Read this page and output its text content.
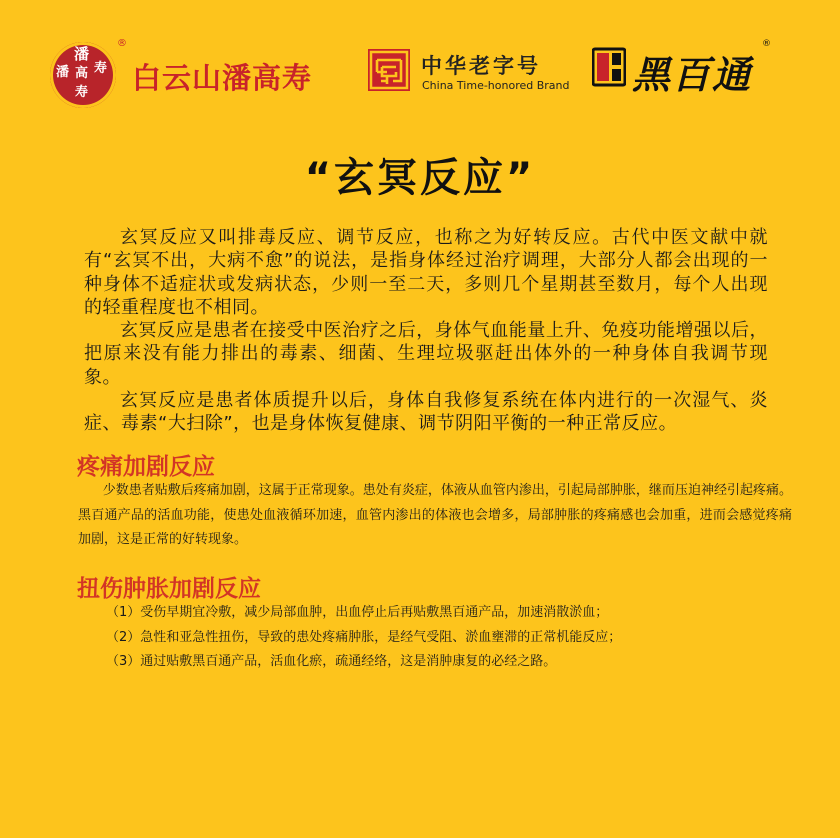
潘
高 寿
潘
寿
®
白云山潘高寿	中华老字号
China Time-honored Brand 黑百通
®
“玄冥反应”

玄冥反应又叫排毒反应、调节反应，也称之为好转反应。古代中医文献中就有“玄冥不出，大病不愈”的说法，是指身体经过治疗调理，大部分人都会出现的一种身体不适症状或发病状态，少则一至二天，多则几个星期甚至数月，每个人出现的轻重程度也不相同。

玄冥反应是患者在接受中医治疗之后，身体气血能量上升、免疫功能增强以后，把原来没有能力排出的毒素、细菌、生理垃圾驱赶出体外的一种身体自我调节现象。

玄冥反应是患者体质提升以后，身体自我修复系统在体内进行的一次湿气、炎症、毒素“大扫除”，也是身体恢复健康、调节阴阳平衡的一种正常反应。

疼痛加剧反应

少数患者贴敷后疼痛加剧，这属于正常现象。患处有炎症，体液从血管内渗出，引起局部肿胀，继而压迫神经引起疼痛。黑百通产品的活血功能，使患处血液循环加速，血管内渗出的体液也会增多，局部肿胀的疼痛感也会加重，进而会感觉疼痛加剧，这是正常的好转现象。

扭伤肿胀加剧反应
（1）受伤早期宜冷敷，减少局部血肿，出血停止后再贴敷黑百通产品，加速消散淤血；
（2）急性和亚急性扭伤，导致的患处疼痛肿胀，是经气受阻、淤血壅滞的正常机能反应；
（3）通过贴敷黑百通产品，活血化瘀，疏通经络，这是消肿康复的必经之路。
